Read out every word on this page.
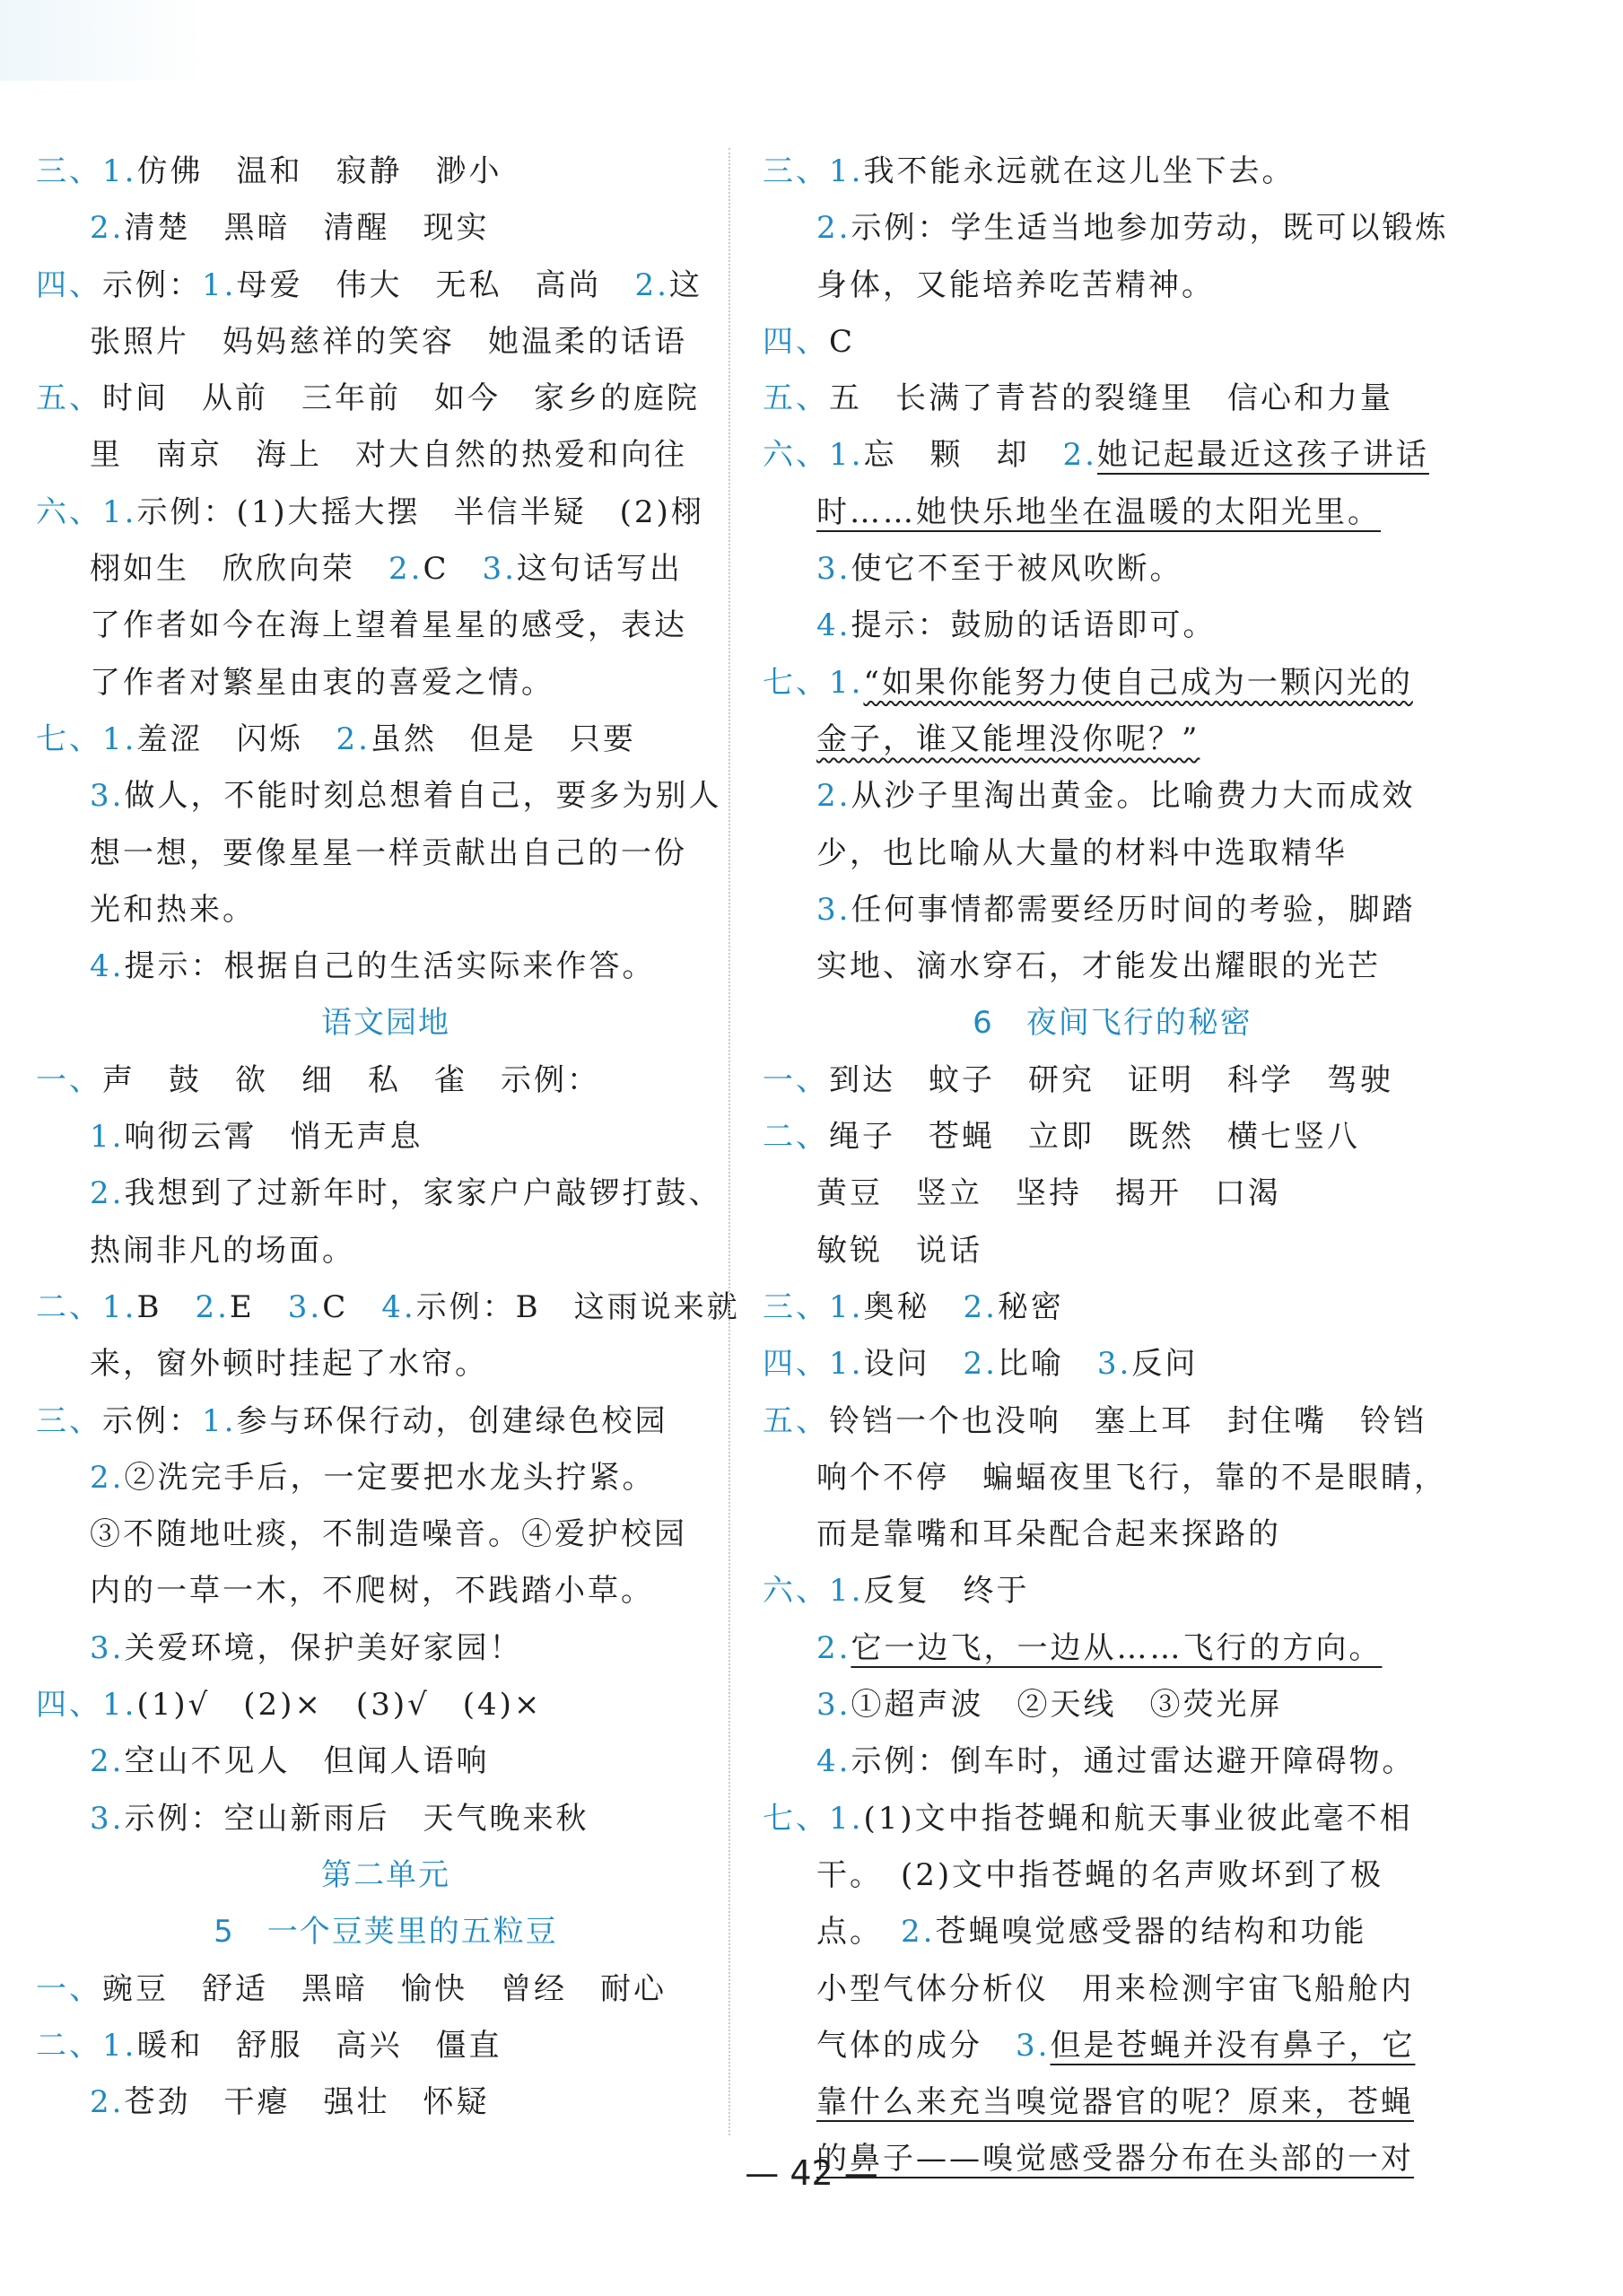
三、1.仿佛　温和　寂静　渺小
2.清楚　黑暗　清醒　现实
四、示例：1.母爱　伟大　无私　高尚　2.这
张照片　妈妈慈祥的笑容　她温柔的话语
五、时间　从前　三年前　如今　家乡的庭院
里　南京　海上　对大自然的热爱和向往
六、1.示例：(1)大摇大摆　半信半疑　(2)栩
栩如生　欣欣向荣　2.C　3.这句话写出
了作者如今在海上望着星星的感受，表达
了作者对繁星由衷的喜爱之情。
七、1.羞涩　闪烁　2.虽然　但是　只要
3.做人，不能时刻总想着自己，要多为别人
想一想，要像星星一样贡献出自己的一份
光和热来。
4.提示：根据自己的生活实际来作答。
语文园地
一、声　鼓　欲　细　私　雀　示例：
1.响彻云霄　悄无声息
2.我想到了过新年时，家家户户敲锣打鼓、
热闹非凡的场面。
二、1.B　2.E　3.C　4.示例：B　这雨说来就
来，窗外顿时挂起了水帘。
三、示例：1.参与环保行动，创建绿色校园
2.②洗完手后，一定要把水龙头拧紧。
③不随地吐痰，不制造噪音。④爱护校园
内的一草一木，不爬树，不践踏小草。
3.关爱环境，保护美好家园！
四、1.(1)√　(2)×　(3)√　(4)×
2.空山不见人　但闻人语响
3.示例：空山新雨后　天气晚来秋
第二单元
5　一个豆荚里的五粒豆
一、豌豆　舒适　黑暗　愉快　曾经　耐心
二、1.暖和　舒服　高兴　僵直
2.苍劲　干瘪　强壮　怀疑
三、1.我不能永远就在这儿坐下去。
2.示例：学生适当地参加劳动，既可以锻炼
身体，又能培养吃苦精神。
四、C
五、五　长满了青苔的裂缝里　信心和力量
六、1.忘　颗　却　2.她记起最近这孩子讲话
时……她快乐地坐在温暖的太阳光里。
3.使它不至于被风吹断。
4.提示：鼓励的话语即可。
七、1.“如果你能努力使自己成为一颗闪光的
金子，谁又能埋没你呢？”
2.从沙子里淘出黄金。比喻费力大而成效
少，也比喻从大量的材料中选取精华
3.任何事情都需要经历时间的考验，脚踏
实地、滴水穿石，才能发出耀眼的光芒
6　夜间飞行的秘密
一、到达　蚊子　研究　证明　科学　驾驶
二、绳子　苍蝇　立即　既然　横七竖八
黄豆　竖立　坚持　揭开　口渴
敏锐　说话
三、1.奥秘　2.秘密
四、1.设问　2.比喻　3.反问
五、铃铛一个也没响　塞上耳　封住嘴　铃铛
响个不停　蝙蝠夜里飞行，靠的不是眼睛，
而是靠嘴和耳朵配合起来探路的
六、1.反复　终于
2.它一边飞，一边从……飞行的方向。
3.①超声波　②天线　③荧光屏
4.示例：倒车时，通过雷达避开障碍物。
七、1.(1)文中指苍蝇和航天事业彼此毫不相
干。　(2)文中指苍蝇的名声败坏到了极
点。　2.苍蝇嗅觉感受器的结构和功能
小型气体分析仪　用来检测宇宙飞船舱内
气体的成分　3.但是苍蝇并没有鼻子，它
靠什么来充当嗅觉器官的呢？原来，苍蝇
的鼻子——嗅觉感受器分布在头部的一对
— 42 —
